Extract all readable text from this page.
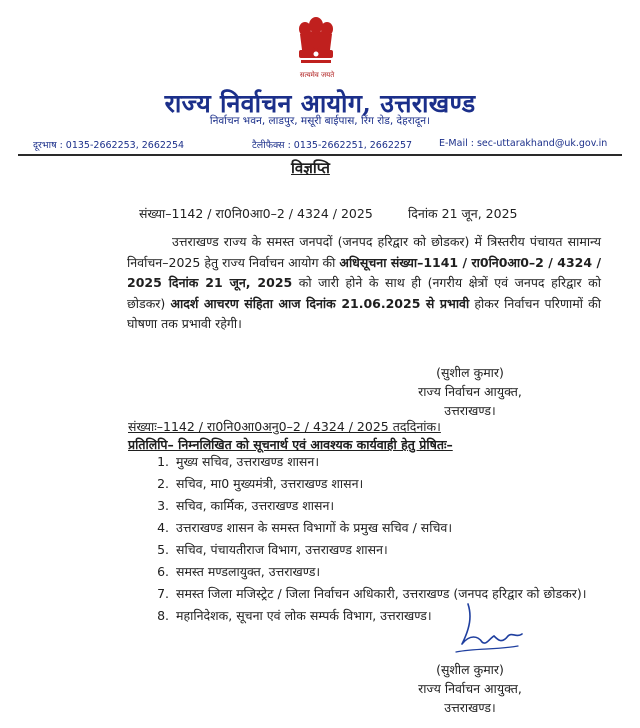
सत्यमेव जयते
राज्य निर्वाचन आयोग, उत्तराखण्ड
निर्वाचन भवन, लाडपुर, मसूरी बाईपास, रिंग रोड, देहरादून।
दूरभाष : 0135-2662253, 2662254	टैलीफैक्स : 0135-2662251, 2662257	E-Mail : sec-uttarakhand@uk.gov.in
विज्ञप्ति
संख्या–1142 / रा0नि0आ0–2 / 4324 / 2025	दिनांक 21 जून, 2025
उत्तराखण्ड राज्य के समस्त जनपदों (जनपद हरिद्वार को छोडकर) में त्रिस्तरीय पंचायत सामान्य निर्वाचन–2025 हेतु राज्य निर्वाचन आयोग की अधिसूचना संख्या–1141 / रा0नि0आ0–2 / 4324 / 2025 दिनांक 21 जून, 2025 को जारी होने के साथ ही (नगरीय क्षेत्रों एवं जनपद हरिद्वार को छोडकर) आदर्श आचरण संहिता आज दिनांक 21.06.2025 से प्रभावी होकर निर्वाचन परिणामों की घोषणा तक प्रभावी रहेगी।
(सुशील कुमार)
राज्य निर्वाचन आयुक्त,
उत्तराखण्ड।
संख्याः–1142 / रा0नि0आ0अनु0–2 / 4324 / 2025 तददिनांक।
प्रतिलिपि– निम्नलिखित को सूचनार्थ एवं आवश्यक कार्यवाही हेतु प्रेषितः–
1. मुख्य सचिव, उत्तराखण्ड शासन।
2. सचिव, मा0 मुख्यमंत्री, उत्तराखण्ड शासन।
3. सचिव, कार्मिक, उत्तराखण्ड शासन।
4. उत्तराखण्ड शासन के समस्त विभागों के प्रमुख सचिव / सचिव।
5. सचिव, पंचायतीराज विभाग, उत्तराखण्ड शासन।
6. समस्त मण्डलायुक्त, उत्तराखण्ड।
7. समस्त जिला मजिस्ट्रेट / जिला निर्वाचन अधिकारी, उत्तराखण्ड (जनपद हरिद्वार को छोडकर)।
8. महानिदेशक, सूचना एवं लोक सम्पर्क विभाग, उत्तराखण्ड।
(सुशील कुमार)
राज्य निर्वाचन आयुक्त,
उत्तराखण्ड।
